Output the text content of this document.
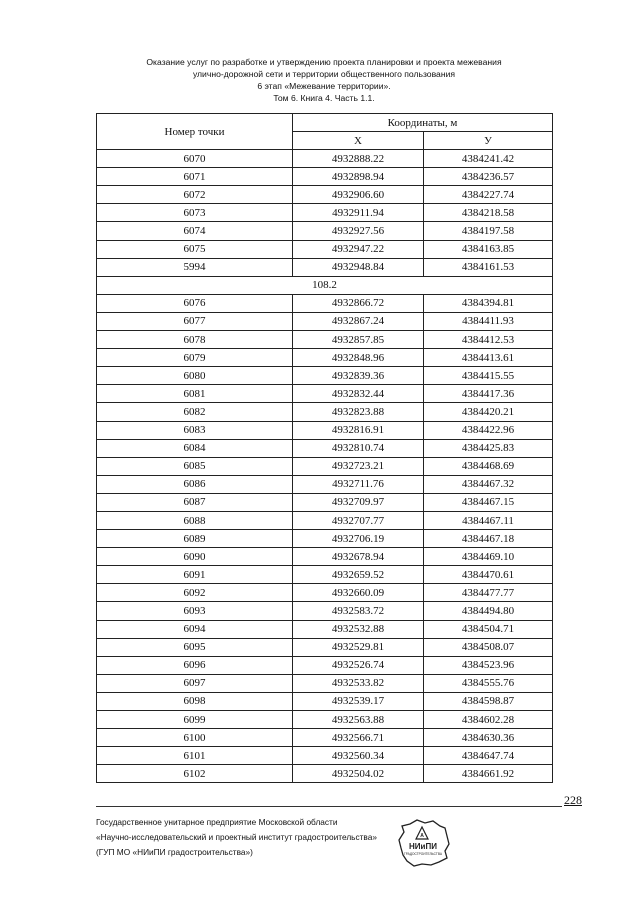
Оказание услуг по разработке и утверждению проекта планировки и проекта межевания
улично-дорожной сети и территории общественного пользования
6 этап «Межевание территории».
Том 6. Книга 4. Часть 1.1.
Номер точки	Координаты, м	
	X	У
6070	4932888.22	4384241.42
6071	4932898.94	4384236.57
6072	4932906.60	4384227.74
6073	4932911.94	4384218.58
6074	4932927.56	4384197.58
6075	4932947.22	4384163.85
5994	4932948.84	4384161.53
108.2		
6076	4932866.72	4384394.81
6077	4932867.24	4384411.93
6078	4932857.85	4384412.53
6079	4932848.96	4384413.61
6080	4932839.36	4384415.55
6081	4932832.44	4384417.36
6082	4932823.88	4384420.21
6083	4932816.91	4384422.96
6084	4932810.74	4384425.83
6085	4932723.21	4384468.69
6086	4932711.76	4384467.32
6087	4932709.97	4384467.15
6088	4932707.77	4384467.11
6089	4932706.19	4384467.18
6090	4932678.94	4384469.10
6091	4932659.52	4384470.61
6092	4932660.09	4384477.77
6093	4932583.72	4384494.80
6094	4932532.88	4384504.71
6095	4932529.81	4384508.07
6096	4932526.74	4384523.96
6097	4932533.82	4384555.76
6098	4932539.17	4384598.87
6099	4932563.88	4384602.28
6100	4932566.71	4384630.36
6101	4932560.34	4384647.74
6102	4932504.02	4384661.92
228
Государственное унитарное предприятие Московской области
«Научно-исследовательский и проектный институт градостроительства»
(ГУП МО «НИиПИ градостроительства»)
A
НИиПИ
ГРАДОСТРОИТЕЛЬСТВА
